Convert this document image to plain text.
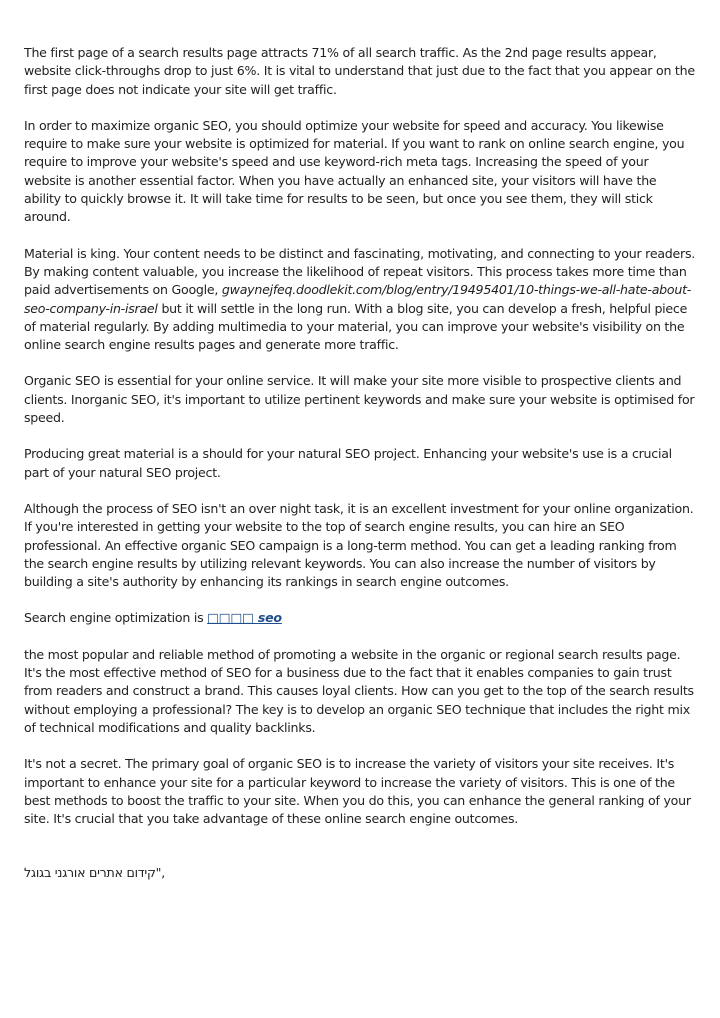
The first page of a search results page attracts 71% of all search traffic. As the 2nd page results appear, website click-throughs drop to just 6%. It is vital to understand that just due to the fact that you appear on the first page does not indicate your site will get traffic.

In order to maximize organic SEO, you should optimize your website for speed and accuracy. You likewise require to make sure your website is optimized for material. If you want to rank on online search engine, you require to improve your website's speed and use keyword-rich meta tags. Increasing the speed of your website is another essential factor. When you have actually an enhanced site, your visitors will have the ability to quickly browse it. It will take time for results to be seen, but once you see them, they will stick around.

Material is king. Your content needs to be distinct and fascinating, motivating, and connecting to your readers. By making content valuable, you increase the likelihood of repeat visitors. This process takes more time than paid advertisements on Google, gwaynejfeq.doodlekit.com/blog/entry/19495401/10-things-we-all-hate-about-seo-company-in-israel but it will settle in the long run. With a blog site, you can develop a fresh, helpful piece of material regularly. By adding multimedia to your material, you can improve your website's visibility on the online search engine results pages and generate more traffic.

Organic SEO is essential for your online service. It will make your site more visible to prospective clients and clients. Inorganic SEO, it's important to utilize pertinent keywords and make sure your website is optimised for speed.

Producing great material is a should for your natural SEO project. Enhancing your website's use is a crucial part of your natural SEO project.

Although the process of SEO isn't an over night task, it is an excellent investment for your online organization. If you're interested in getting your website to the top of search engine results, you can hire an SEO professional. An effective organic SEO campaign is a long-term method. You can get a leading ranking from the search engine results by utilizing relevant keywords. You can also increase the number of visitors by building a site's authority by enhancing its rankings in search engine outcomes.

Search engine optimization is □□□□ seo

the most popular and reliable method of promoting a website in the organic or regional search results page. It's the most effective method of SEO for a business due to the fact that it enables companies to gain trust from readers and construct a brand. This causes loyal clients. How can you get to the top of the search results without employing a professional? The key is to develop an organic SEO technique that includes the right mix of technical modifications and quality backlinks.

It's not a secret. The primary goal of organic SEO is to increase the variety of visitors your site receives. It's important to enhance your site for a particular keyword to increase the variety of visitors. This is one of the best methods to boost the traffic to your site. When you do this, you can enhance the general ranking of your site. It's crucial that you take advantage of these online search engine outcomes.

קידום אתרים אורגני בגוגל",
